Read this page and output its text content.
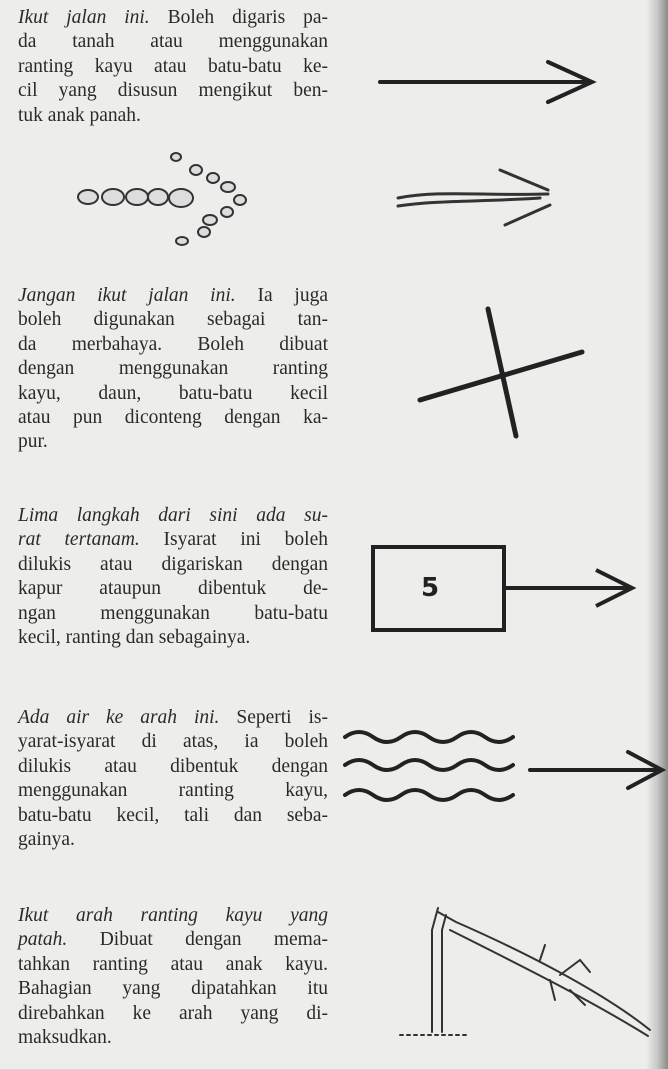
Ikut jalan ini. Boleh digaris pa-
da tanah atau menggunakan
ranting kayu atau batu-batu ke-
cil yang disusun mengikut ben-
tuk anak panah.
Jangan ikut jalan ini. Ia juga
boleh digunakan sebagai tan-
da merbahaya. Boleh dibuat
dengan menggunakan ranting
kayu, daun, batu-batu kecil
atau pun diconteng dengan ka-
pur.
Lima langkah dari sini ada su-
rat tertanam. Isyarat ini boleh
dilukis atau digariskan dengan
kapur ataupun dibentuk de-
ngan menggunakan batu-batu
kecil, ranting dan sebagainya.
Ada air ke arah ini. Seperti is-
yarat-isyarat di atas, ia boleh
dilukis atau dibentuk dengan
menggunakan ranting kayu,
batu-batu kecil, tali dan seba-
gainya.
Ikut arah ranting kayu yang
patah. Dibuat dengan mema-
tahkan ranting atau anak kayu.
Bahagian yang dipatahkan itu
direbahkan ke arah yang di-
maksudkan.
5
